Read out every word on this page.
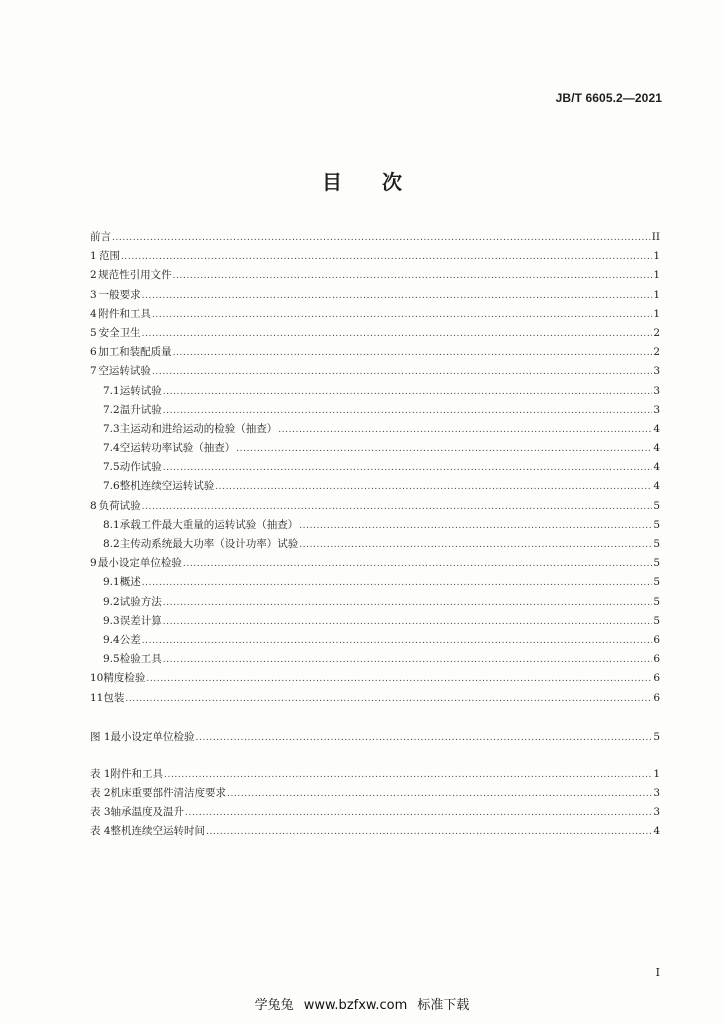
JB/T 6605.2—2021
目 次
前言 .....	II
1 范围 .....	1
2 规范性引用文件 .....	1
3 一般要求 .....	1
4 附件和工具 .....	1
5 安全卫生 .....	2
6 加工和装配质量 .....	2
7 空运转试验 .....	3
7.1 运转试验 .....	3
7.2 温升试验 .....	3
7.3 主运动和进给运动的检验（抽查） .....	4
7.4 空运转功率试验（抽查） .....	4
7.5 动作试验 .....	4
7.6 整机连续空运转试验 .....	4
8 负荷试验 .....	5
8.1 承载工件最大重量的运转试验（抽查） .....	5
8.2 主传动系统最大功率（设计功率）试验 .....	5
9 最小设定单位检验 .....	5
9.1 概述 .....	5
9.2 试验方法 .....	5
9.3 误差计算 .....	5
9.4 公差 .....	6
9.5 检验工具 .....	6
10 精度检验 .....	6
11 包装 .....	6
图 1 最小设定单位检验 .....	5
表 1 附件和工具 .....	1
表 2 机床重要部件清洁度要求 .....	3
表 3 轴承温度及温升 .....	3
表 4 整机连续空运转时间 .....	4
I
学兔兔 www.bzfxw.com 标准下载
